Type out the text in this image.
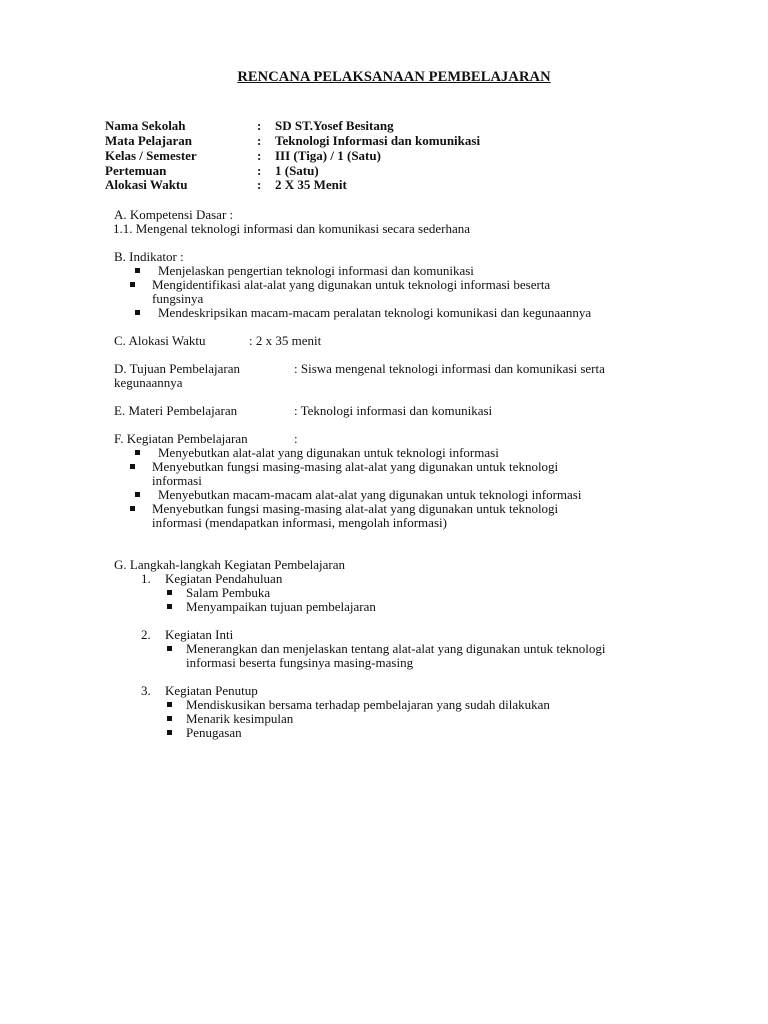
RENCANA PELAKSANAAN PEMBELAJARAN
Nama Sekolah	: SD ST.Yosef Besitang
Mata Pelajaran	: Teknologi Informasi dan komunikasi
Kelas / Semester	: III (Tiga) / 1 (Satu)
Pertemuan	: 1 (Satu)
Alokasi Waktu	: 2 X 35 Menit
A. Kompetensi Dasar :
1.1. Mengenal teknologi informasi dan komunikasi secara sederhana
B. Indikator :
Menjelaskan pengertian teknologi informasi dan komunikasi
Mengidentifikasi alat-alat yang digunakan untuk teknologi informasi beserta
fungsinya
Mendeskripsikan macam-macam peralatan teknologi komunikasi dan kegunaannya
C. Alokasi Waktu	: 2 x 35 menit
D. Tujuan Pembelajaran	: Siswa mengenal teknologi informasi dan komunikasi serta
kegunaannya
E. Materi Pembelajaran	: Teknologi informasi dan komunikasi
F. Kegiatan Pembelajaran	:
Menyebutkan alat-alat yang digunakan untuk teknologi informasi
Menyebutkan fungsi masing-masing alat-alat yang digunakan untuk teknologi
informasi
Menyebutkan macam-macam alat-alat yang digunakan untuk teknologi informasi
Menyebutkan fungsi masing-masing alat-alat yang digunakan untuk teknologi
informasi (mendapatkan informasi, mengolah informasi)
G. Langkah-langkah Kegiatan Pembelajaran
1. Kegiatan Pendahuluan
Salam Pembuka
Menyampaikan tujuan pembelajaran
2. Kegiatan Inti
Menerangkan dan menjelaskan tentang alat-alat yang digunakan untuk teknologi
informasi beserta fungsinya masing-masing
3. Kegiatan Penutup
Mendiskusikan bersama terhadap pembelajaran yang sudah dilakukan
Menarik kesimpulan
Penugasan
